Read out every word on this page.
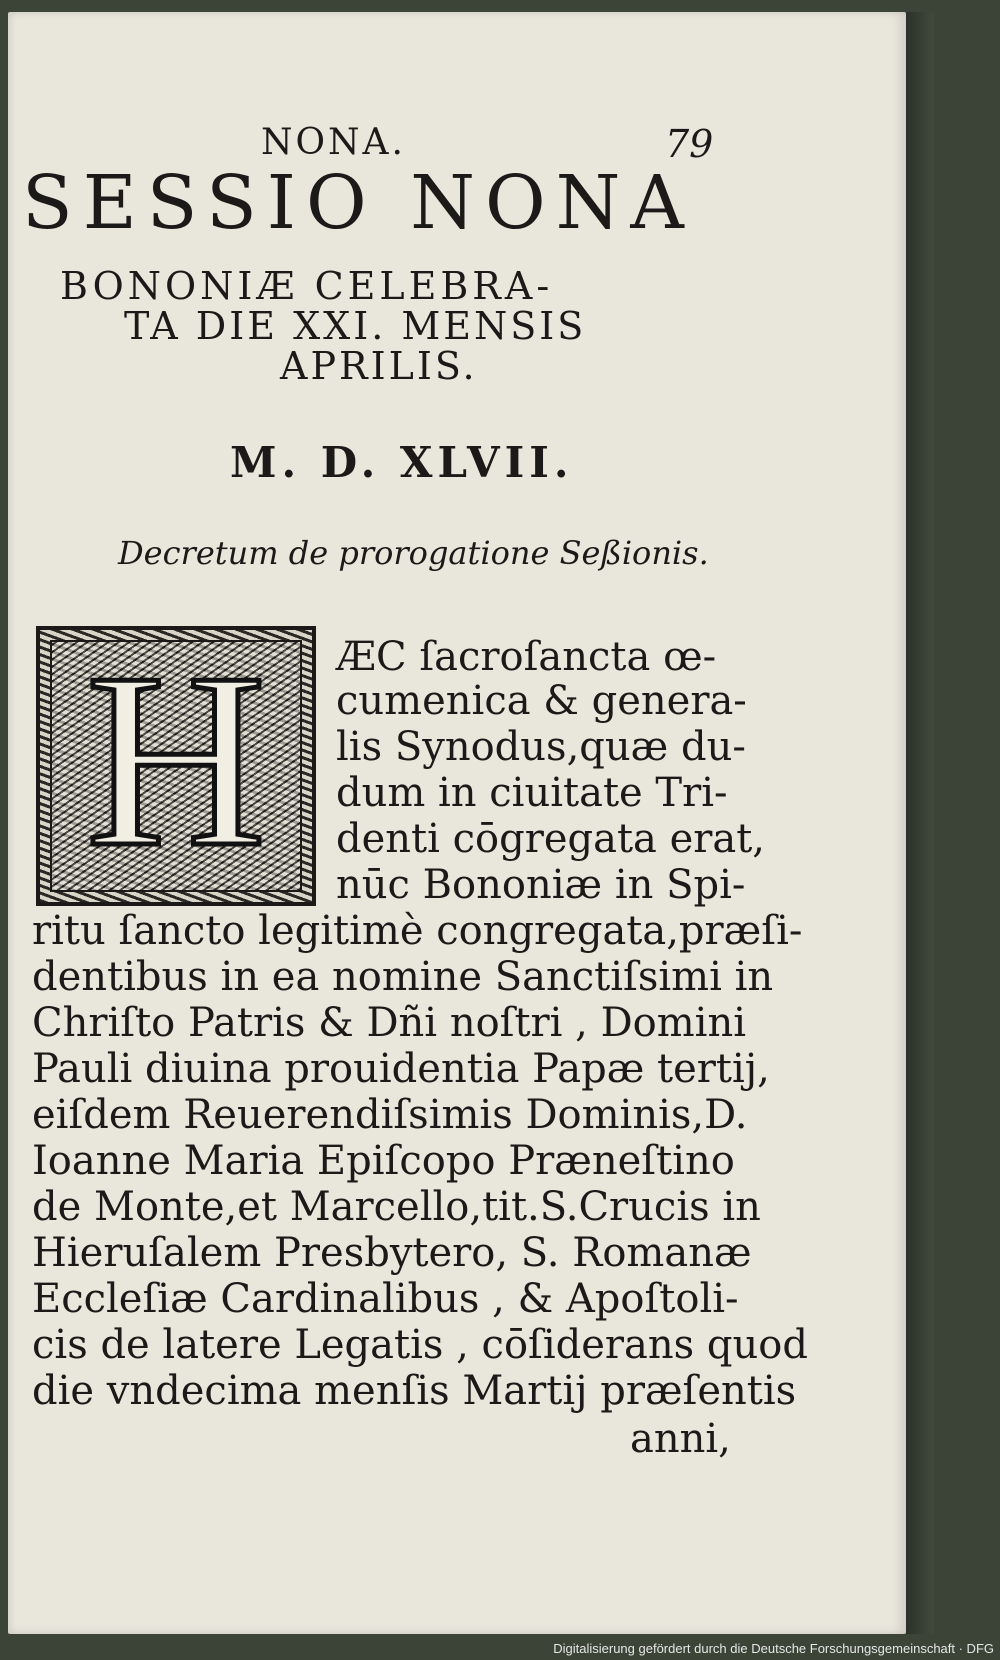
NONA.	79
SESSIO NONA
BONONIÆ CELEBRA-
TA DIE XXI. MENSIS
APRILIS.
M. D. XLVII.
Decretum de prorogatione Seßionis.
H	ÆC ſacroſancta œ-
cumenica & genera-
lis Synodus,quæ du-
dum in ciuitate Tri-
denti cōgregata erat,
nūc Bononiæ in Spi-
ritu ſancto legitimè congregata,præſi-
dentibus in ea nomine Sanctiſsimi in
Chriſto Patris & Dñi noſtri , Domini
Pauli diuina prouidentia Papæ tertij,
eiſdem Reuerendiſsimis Dominis,D.
Ioanne Maria Epiſcopo Præneſtino
de Monte,et Marcello,tit.S.Crucis in
Hieruſalem Presbytero, S. Romanæ
Eccleſiæ Cardinalibus , & Apoſtoli-
cis de latere Legatis , cōſiderans quod
die vndecima menſis Martij præſentis
anni,
Digitalisierung gefördert durch die Deutsche Forschungsgemeinschaft · DFG
